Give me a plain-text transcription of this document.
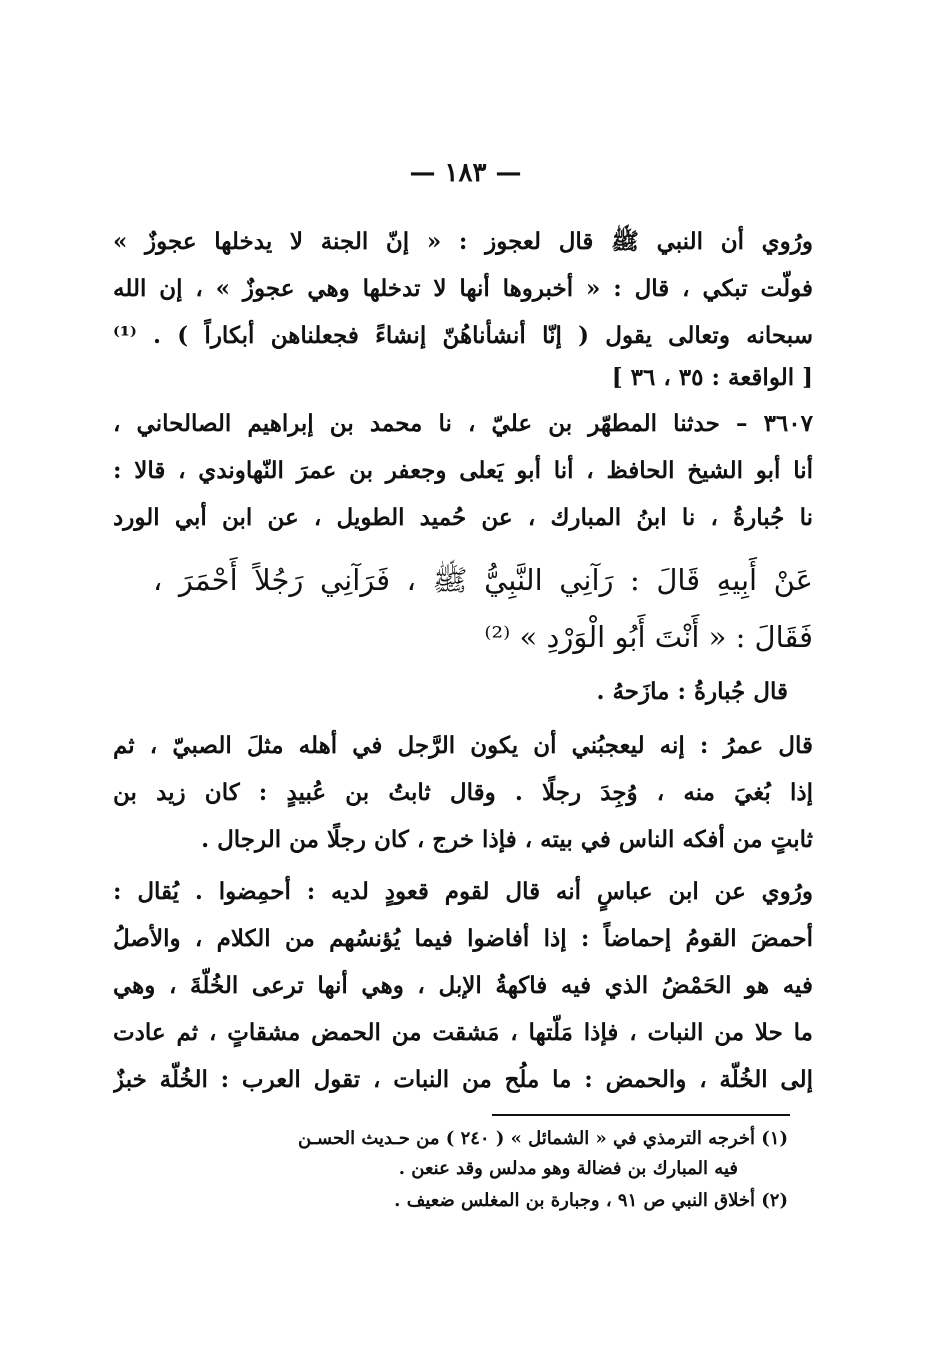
— ١٨٣ —
ورُوي أن النبي ﷺ قال لعجوز : « إنّ الجنة لا يدخلها عجوزٌ »
فولّت تبكي ، قال : « أخبروها أنها لا تدخلها وهي عجوزٌ » ، إن الله
سبحانه وتعالى يقول ( إنّا أنشأناهُنّ إنشاءً فجعلناهن أبكاراً ) . ⁽¹⁾
[ الواقعة : ٣٥ ، ٣٦ ]
٣٦٠٧ – حدثنا المطهّر بن عليّ ، نا محمد بن إبراهيم الصالحاني ،
أنا أبو الشيخ الحافظ ، أنا أبو يَعلى وجعفر بن عمرَ النّهاوندي ، قالا :
نا جُبارةُ ، نا ابنُ المبارك ، عن حُميد الطويل ، عن ابن أبي الورد
عَنْ أَبِيهِ قَالَ : رَآنِي النَّبِيُّ ﷺ ، فَرَآنِي رَجُلاً أَحْمَرَ ،
فَقَالَ : « أَنْتَ أَبُو الْوَرْدِ » ⁽²⁾
قال جُبارةُ : مازَحهُ .
قال عمرُ : إنه ليعجبُني أن يكون الرَّجل في أهله مثلَ الصبيّ ، ثم
إذا بُغيَ منه ، وُجِدَ رجلًا . وقال ثابتُ بن عُبيدٍ : كان زيد بن
ثابتٍ من أفكه الناس في بيته ، فإذا خرج ، كان رجلًا من الرجال .
ورُوي عن ابن عباسٍ أنه قال لقوم قعودٍ لديه : أحمِضوا . يُقال :
أحمضَ القومُ إحماضاً : إذا أفاضوا فيما يُؤنسُهم من الكلام ، والأصلُ
فيه هو الحَمْضُ الذي فيه فاكهةُ الإبل ، وهي أنها ترعى الخُلّةَ ، وهي
ما حلا من النبات ، فإذا مَلّتها ، مَشقت من الحمض مشقاتٍ ، ثم عادت
إلى الخُلّة ، والحمض : ما ملُح من النبات ، تقول العرب : الخُلّة خبزٌ
(١) أخرجه الترمذي في « الشمائل » ( ٢٤٠ ) من حـديث الحسـن
فيه المبارك بن فضالة وهو مدلس وقد عنعن .
(٢) أخلاق النبي ص ٩١ ، وجبارة بن المغلس ضعيف .
